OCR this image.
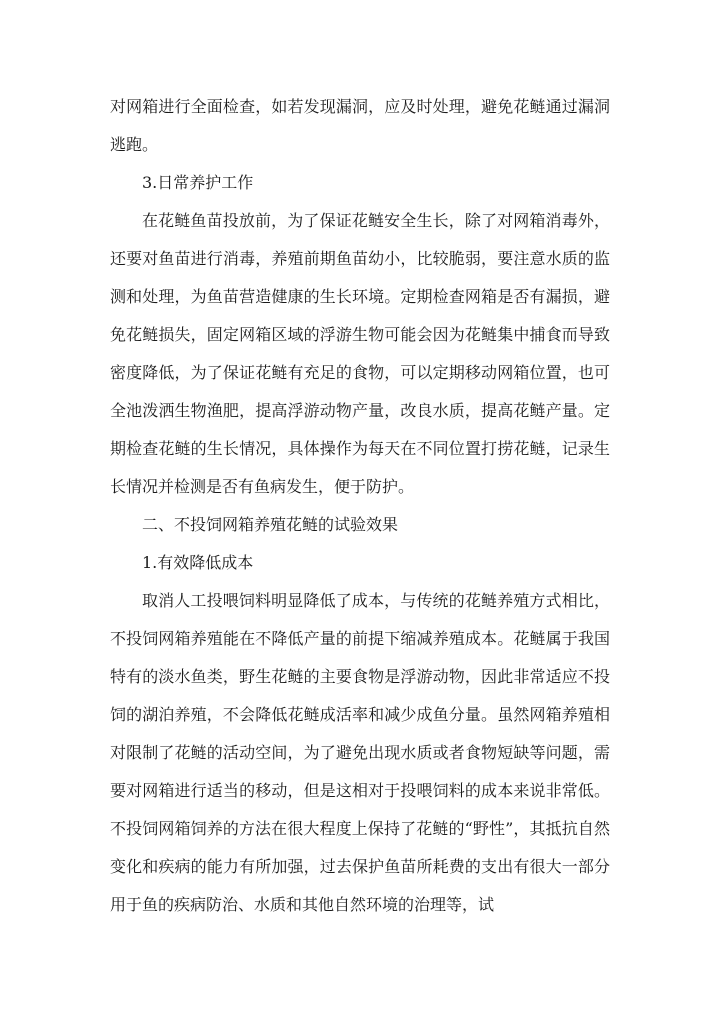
对网箱进行全面检查，如若发现漏洞，应及时处理，避免花鲢通过漏洞逃跑。

3.日常养护工作

在花鲢鱼苗投放前，为了保证花鲢安全生长，除了对网箱消毒外，还要对鱼苗进行消毒，养殖前期鱼苗幼小，比较脆弱，要注意水质的监测和处理，为鱼苗营造健康的生长环境。定期检查网箱是否有漏损，避免花鲢损失，固定网箱区域的浮游生物可能会因为花鲢集中捕食而导致密度降低，为了保证花鲢有充足的食物，可以定期移动网箱位置，也可全池泼洒生物渔肥，提高浮游动物产量，改良水质，提高花鲢产量。定期检查花鲢的生长情况，具体操作为每天在不同位置打捞花鲢，记录生长情况并检测是否有鱼病发生，便于防护。

二、不投饲网箱养殖花鲢的试验效果

1.有效降低成本

取消人工投喂饲料明显降低了成本，与传统的花鲢养殖方式相比，不投饲网箱养殖能在不降低产量的前提下缩减养殖成本。花鲢属于我国特有的淡水鱼类，野生花鲢的主要食物是浮游动物，因此非常适应不投饲的湖泊养殖，不会降低花鲢成活率和减少成鱼分量。虽然网箱养殖相对限制了花鲢的活动空间，为了避免出现水质或者食物短缺等问题，需要对网箱进行适当的移动，但是这相对于投喂饲料的成本来说非常低。不投饲网箱饲养的方法在很大程度上保持了花鲢的“野性”，其抵抗自然变化和疾病的能力有所加强，过去保护鱼苗所耗费的支出有很大一部分用于鱼的疾病防治、水质和其他自然环境的治理等，试
